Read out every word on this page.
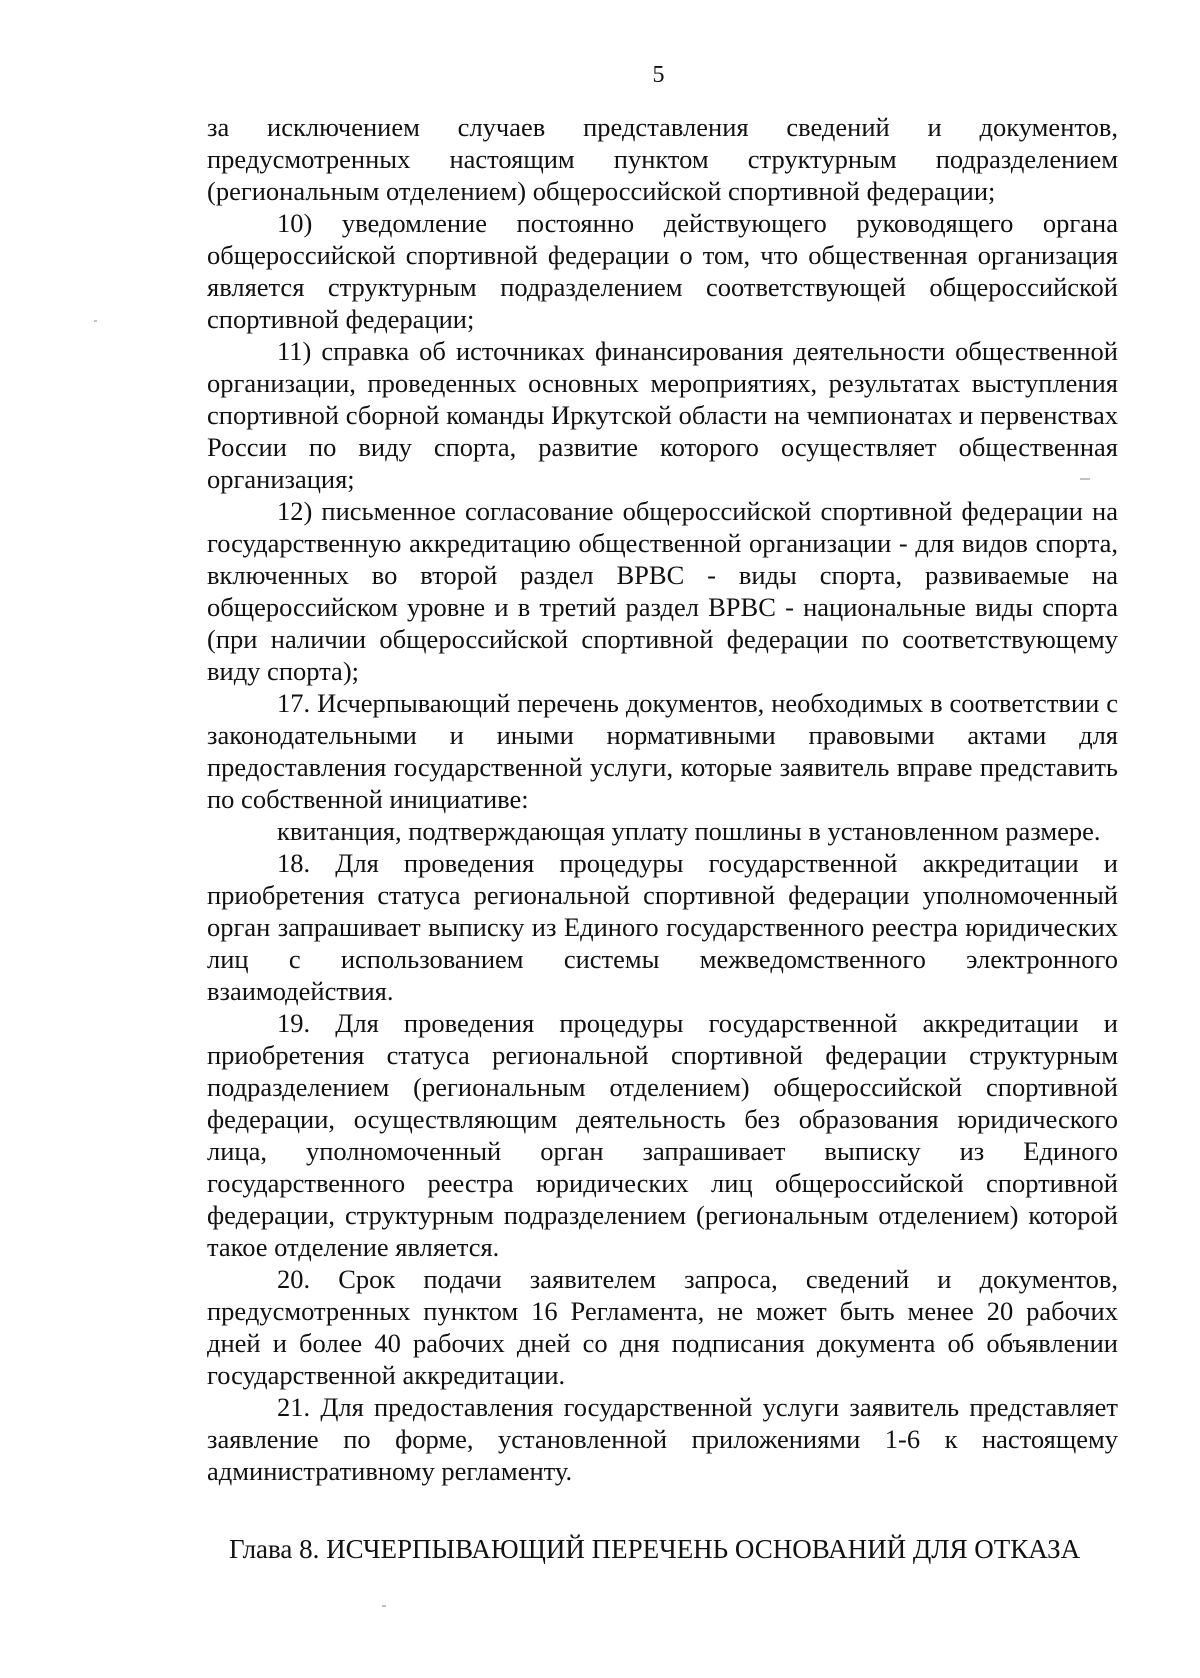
5

за исключением случаев представления сведений и документов, предусмотренных настоящим пунктом структурным подразделением (региональным отделением) общероссийской спортивной федерации;

10) уведомление постоянно действующего руководящего органа общероссийской спортивной федерации о том, что общественная организация является структурным подразделением соответствующей общероссийской спортивной федерации;

11) справка об источниках финансирования деятельности общественной организации, проведенных основных мероприятиях, результатах выступления спортивной сборной команды Иркутской области на чемпионатах и первенствах России по виду спорта, развитие которого осуществляет общественная организация;

12) письменное согласование общероссийской спортивной федерации на государственную аккредитацию общественной организации - для видов спорта, включенных во второй раздел ВРВС - виды спорта, развиваемые на общероссийском уровне и в третий раздел ВРВС - национальные виды спорта (при наличии общероссийской спортивной федерации по соответствующему виду спорта);

17. Исчерпывающий перечень документов, необходимых в соответствии с законодательными и иными нормативными правовыми актами для предоставления государственной услуги, которые заявитель вправе представить по собственной инициативе:

квитанция, подтверждающая уплату пошлины в установленном размере.

18. Для проведения процедуры государственной аккредитации и приобретения статуса региональной спортивной федерации уполномоченный орган запрашивает выписку из Единого государственного реестра юридических лиц с использованием системы межведомственного электронного взаимодействия.

19. Для проведения процедуры государственной аккредитации и приобретения статуса региональной спортивной федерации структурным подразделением (региональным отделением) общероссийской спортивной федерации, осуществляющим деятельность без образования юридического лица, уполномоченный орган запрашивает выписку из Единого государственного реестра юридических лиц общероссийской спортивной федерации, структурным подразделением (региональным отделением) которой такое отделение является.

20. Срок подачи заявителем запроса, сведений и документов, предусмотренных пунктом 16 Регламента, не может быть менее 20 рабочих дней и более 40 рабочих дней со дня подписания документа об объявлении государственной аккредитации.

21. Для предоставления государственной услуги заявитель представляет заявление по форме, установленной приложениями 1-6 к настоящему административному регламенту.

Глава 8. ИСЧЕРПЫВАЮЩИЙ ПЕРЕЧЕНЬ ОСНОВАНИЙ ДЛЯ ОТКАЗА
